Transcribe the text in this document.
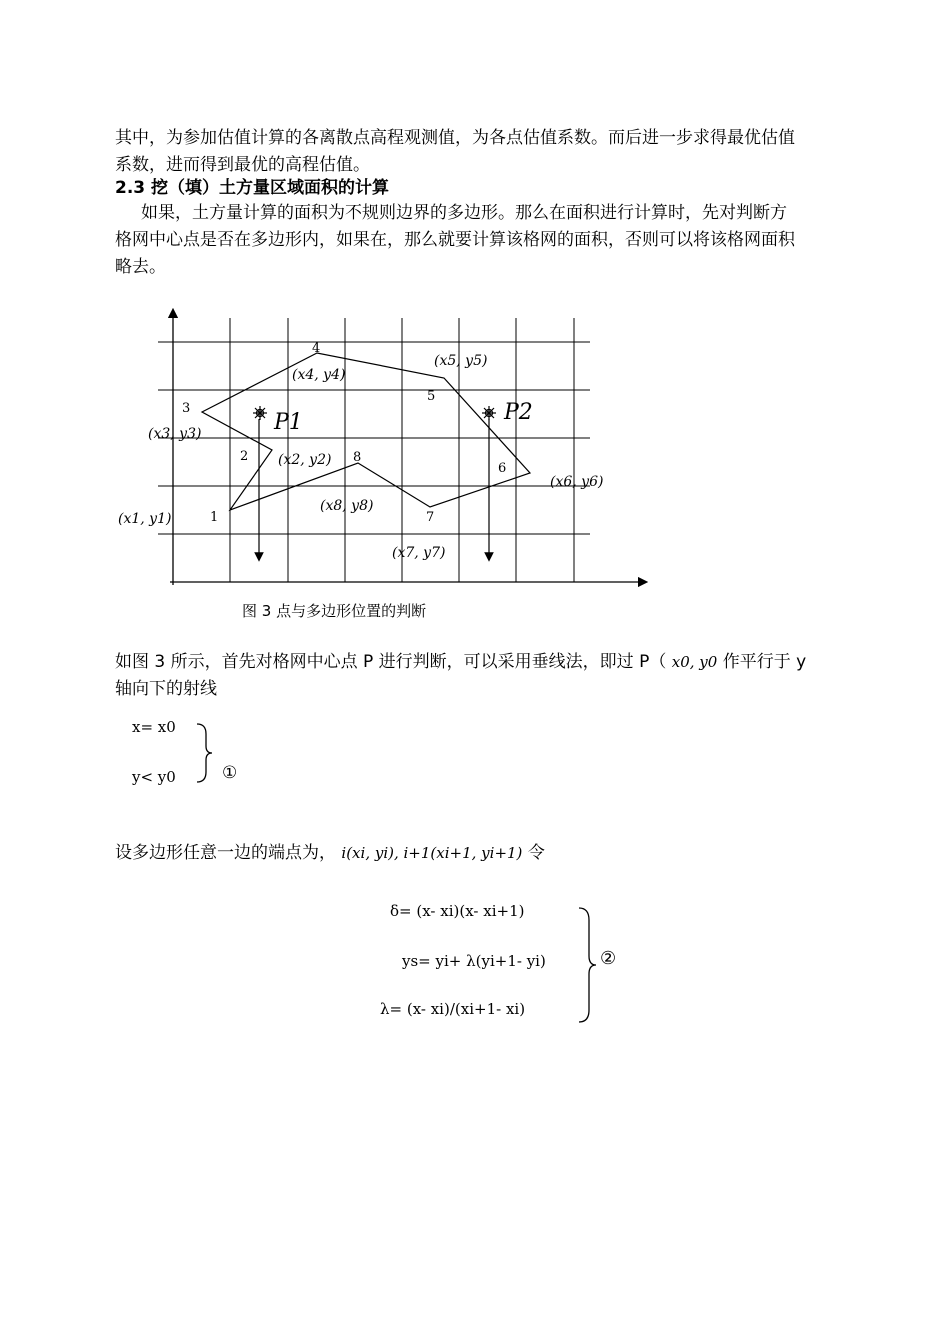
其中，为参加估值计算的各离散点高程观测值，为各点估值系数。而后进一步求得最优估值
系数，进而得到最优的高程估值。

2.3 挖（填）土方量区域面积的计算

如果，土方量计算的面积为不规则边界的多边形。那么在面积进行计算时，先对判断方
格网中心点是否在多边形内，如果在，那么就要计算该格网的面积，否则可以将该格网面积
略去。

1
2
3
4
5
6
7
8
(x1, y1)
(x2, y2)
(x3, y3)
(x4, y4)
(x5, y5)
(x6, y6)
(x7, y7)
(x8, y8)
P1	P2
图 3 点与多边形位置的判断

如图 3 所示，首先对格网中心点 P 进行判断，可以采用垂线法，即过 P（ x0, y0 作平行于 y
轴向下的射线

x= x0
y< y0	①

设多边形任意一边的端点为， i(xi, yi), i+1(xi+1, yi+1) 令

δ= (x- xi)(x- xi+1)
ys= yi+ λ(yi+1- yi)
λ= (x- xi)/(xi+1- xi)
②
